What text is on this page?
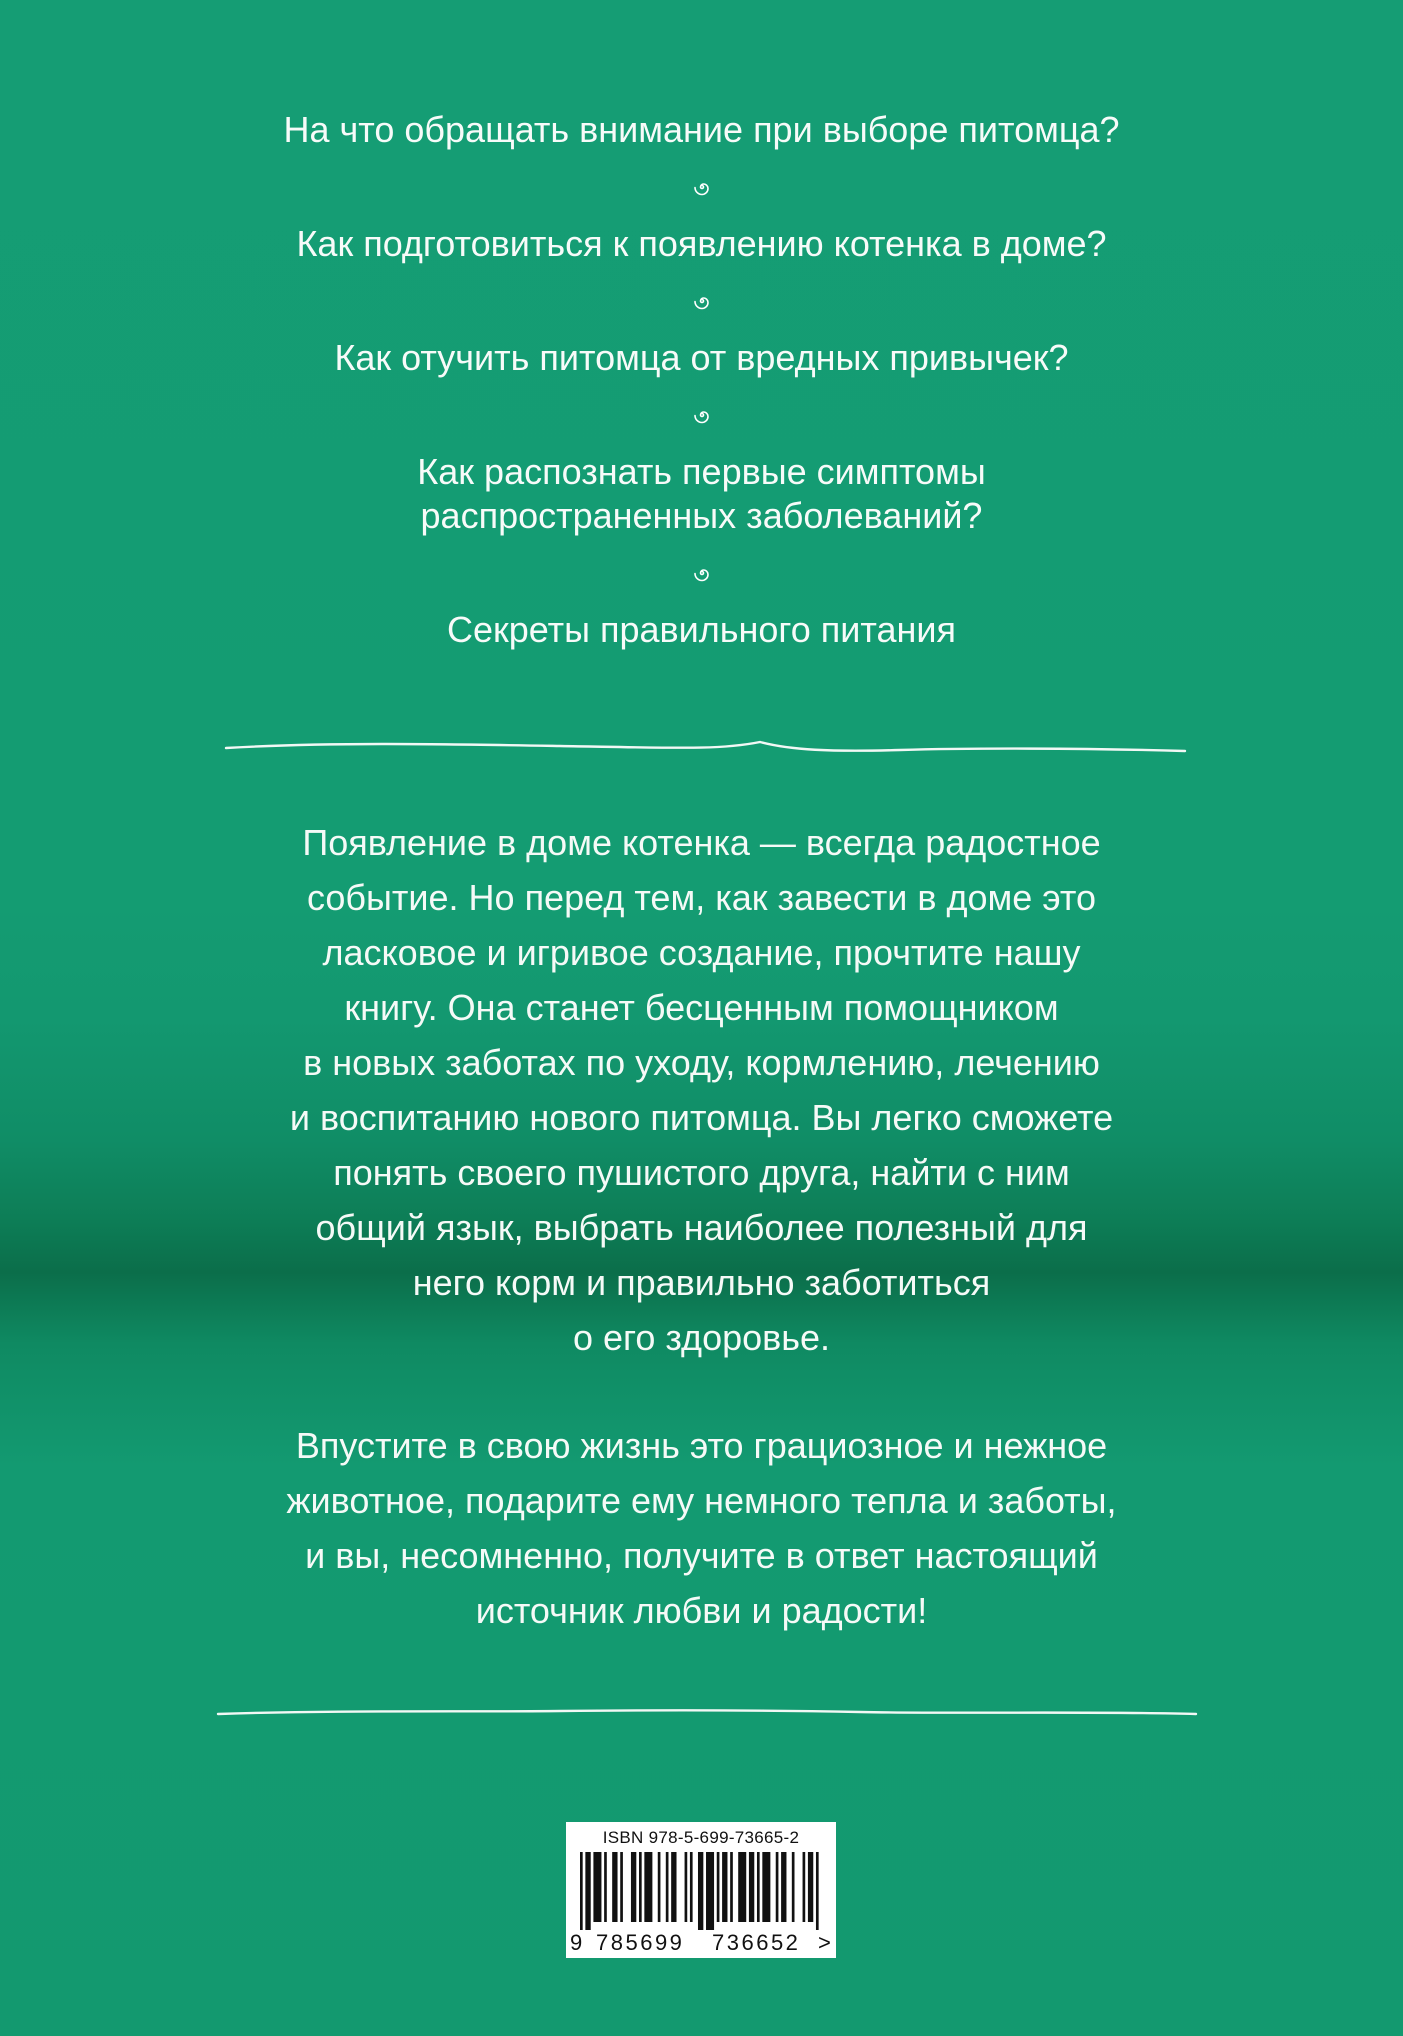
На что обращать внимание при выборе питомца?
Как подготовиться к появлению котенка в доме?
Как отучить питомца от вредных привычек?
Как распознать первые симптомы
распространенных заболеваний?
Секреты правильного питания
Появление в доме котенка — всегда радостное
событие. Но перед тем, как завести в доме это
ласковое и игривое создание, прочтите нашу
книгу. Она станет бесценным помощником
в новых заботах по уходу, кормлению, лечению
и воспитанию нового питомца. Вы легко сможете
понять своего пушистого друга, найти с ним
общий язык, выбрать наиболее полезный для
него корм и правильно заботиться
о его здоровье.
Впустите в свою жизнь это грациозное и нежное
животное, подарите ему немного тепла и заботы,
и вы, несомненно, получите в ответ настоящий
источник любви и радости!
ISBN 978-5-699-73665-2
9 785699 736652 >
